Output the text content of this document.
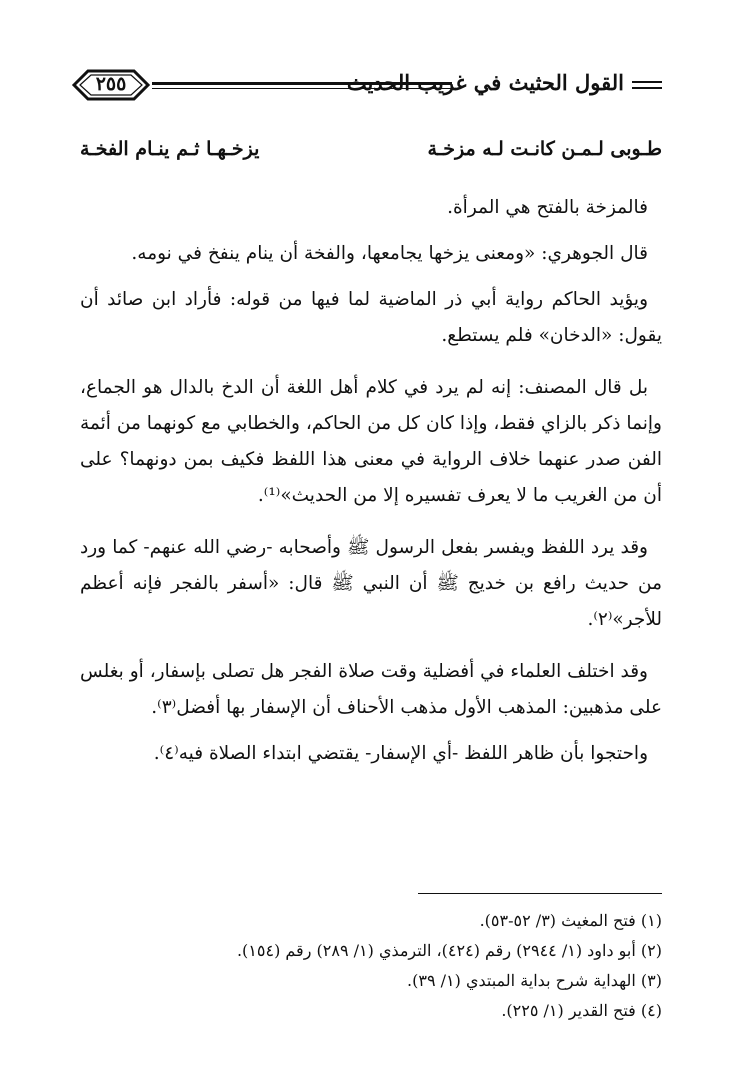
٢٥٥	القول الحثيث في غريب الحديث
طـوبى لـمـن كانـت لـه مزخـة
يزخـهـا ثـم ينـام الفخـة

فالمزخة بالفتح هي المرأة.

قال الجوهري: «ومعنى يزخها يجامعها، والفخة أن ينام ينفخ في نومه.

ويؤيد الحاكم رواية أبي ذر الماضية لما فيها من قوله: فأراد ابن صائد أن يقول: «الدخان» فلم يستطع.

بل قال المصنف: إنه لم يرد في كلام أهل اللغة أن الدخ بالدال هو الجماع، وإنما ذكر بالزاي فقط، وإذا كان كل من الحاكم، والخطابي مع كونهما من أئمة الفن صدر عنهما خلاف الرواية في معنى هذا اللفظ فكيف بمن دونهما؟ على أن من الغريب ما لا يعرف تفسيره إلا من الحديث»⁽¹⁾.

وقد يرد اللفظ ويفسر بفعل الرسول ﷺ وأصحابه -رضي الله عنهم- كما ورد من حديث رافع بن خديج ﷺ أن النبي ﷺ قال: «أسفر بالفجر فإنه أعظم للأجر»⁽٢⁾.

وقد اختلف العلماء في أفضلية وقت صلاة الفجر هل تصلى بإسفار، أو بغلس على مذهبين: المذهب الأول مذهب الأحناف أن الإسفار بها أفضل⁽٣⁾.

واحتجوا بأن ظاهر اللفظ -أي الإسفار- يقتضي ابتداء الصلاة فيه⁽٤⁾.

(١) فتح المغيث (٣/ ٥٢-٥٣).
(٢) أبو داود (١/ ٢٩٤٤) رقم (٤٢٤)، الترمذي (١/ ٢٨٩) رقم (١٥٤).
(٣) الهداية شرح بداية المبتدي (١/ ٣٩).
(٤) فتح القدير (١/ ٢٢٥).
